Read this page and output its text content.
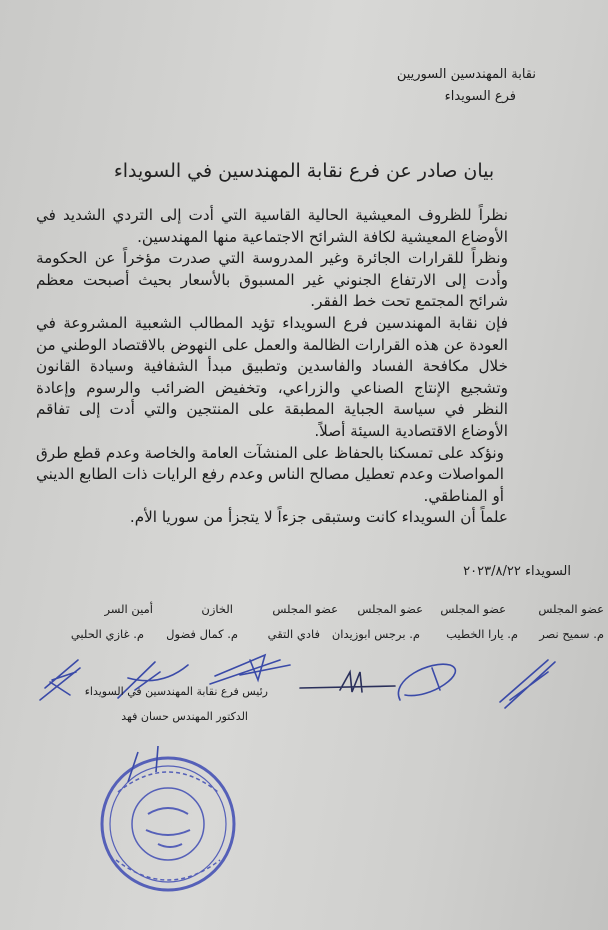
نقابة المهندسين السوريين
فرع السويداء
بيان صادر عن فرع نقابة المهندسين في السويداء

نظراً للظروف المعيشية الحالية القاسية التي أدت إلى التردي الشديد في الأوضاع المعيشية لكافة الشرائح الاجتماعية منها المهندسين.

ونظراً للقرارات الجائرة وغير المدروسة التي صدرت مؤخراً عن الحكومة وأدت إلى الارتفاع الجنوني غير المسبوق بالأسعار بحيث أصبحت معظم شرائح المجتمع تحت خط الفقر.

فإن نقابة المهندسين فرع السويداء تؤيد المطالب الشعبية المشروعة في العودة عن هذه القرارات الظالمة والعمل على النهوض بالاقتصاد الوطني من خلال مكافحة الفساد والفاسدين وتطبيق مبدأ الشفافية وسيادة القانون وتشجيع الإنتاج الصناعي والزراعي، وتخفيض الضرائب والرسوم وإعادة النظر في سياسة الجباية المطبقة على المنتجين والتي أدت إلى تفاقم الأوضاع الاقتصادية السيئة أصلاً.

ونؤكد على تمسكنا بالحفاظ على المنشآت العامة والخاصة وعدم قطع طرق المواصلات وعدم تعطيل مصالح الناس وعدم رفع الرايات ذات الطابع الديني أو المناطقي.

علماً أن السويداء كانت وستبقى جزءاً لا يتجزأ من سوريا الأم.

السويداء ٢٠٢٣/٨/٢٢
عضو المجلس
عضو المجلس
عضو المجلس
عضو المجلس
الخازن
أمين السر
م. سميح نصر
م. يارا الخطيب
م. برجس ابوزيدان
فادي التقي
م. كمال فضول
م. غازي الحلبي
رئيس فرع نقابة المهندسين في السويداء
الدكتور المهندس حسان فهد
